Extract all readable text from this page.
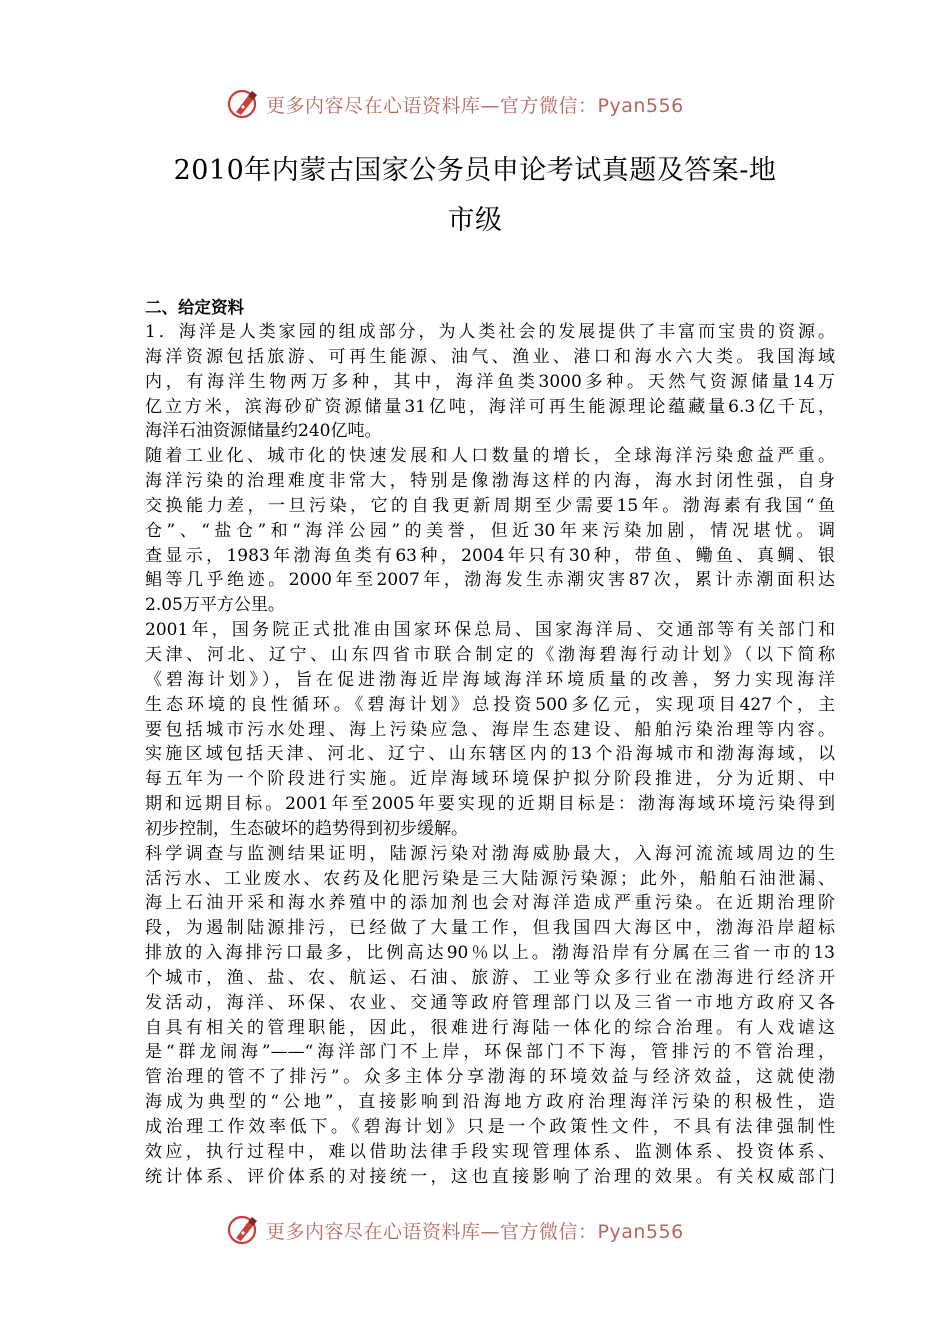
更多内容尽在心语资料库—官方微信：Pyan556
2010年内蒙古国家公务员申论考试真题及答案-地
市级
二、给定资料
1．海洋是人类家园的组成部分，为人类社会的发展提供了丰富而宝贵的资源。
海洋资源包括旅游、可再生能源、油气、渔业、港口和海水六大类。我国海域
内，有海洋生物两万多种，其中，海洋鱼类3000多种。天然气资源储量14万
亿立方米，滨海砂矿资源储量31亿吨，海洋可再生能源理论蕴藏量6.3亿千瓦，
海洋石油资源储量约240亿吨。
随着工业化、城市化的快速发展和人口数量的增长，全球海洋污染愈益严重。
海洋污染的治理难度非常大，特别是像渤海这样的内海，海水封闭性强，自身
交换能力差，一旦污染，它的自我更新周期至少需要15年。渤海素有我国“鱼
仓”、“盐仓”和“海洋公园”的美誉，但近30年来污染加剧，情况堪忧。调
查显示，1983年渤海鱼类有63种，2004年只有30种，带鱼、鳓鱼、真鲷、银
鲳等几乎绝迹。2000年至2007年，渤海发生赤潮灾害87次，累计赤潮面积达
2.05万平方公里。
2001年，国务院正式批准由国家环保总局、国家海洋局、交通部等有关部门和
天津、河北、辽宁、山东四省市联合制定的《渤海碧海行动计划》（以下简称
《碧海计划》），旨在促进渤海近岸海域海洋环境质量的改善，努力实现海洋
生态环境的良性循环。《碧海计划》总投资500多亿元，实现项目427个，主
要包括城市污水处理、海上污染应急、海岸生态建设、船舶污染治理等内容。
实施区域包括天津、河北、辽宁、山东辖区内的13个沿海城市和渤海海域，以
每五年为一个阶段进行实施。近岸海域环境保护拟分阶段推进，分为近期、中
期和远期目标。2001年至2005年要实现的近期目标是：渤海海域环境污染得到
初步控制，生态破坏的趋势得到初步缓解。
科学调查与监测结果证明，陆源污染对渤海威胁最大，入海河流流域周边的生
活污水、工业废水、农药及化肥污染是三大陆源污染源；此外，船舶石油泄漏、
海上石油开采和海水养殖中的添加剂也会对海洋造成严重污染。在近期治理阶
段，为遏制陆源排污，已经做了大量工作，但我国四大海区中，渤海沿岸超标
排放的入海排污口最多，比例高达90％以上。渤海沿岸有分属在三省一市的13
个城市，渔、盐、农、航运、石油、旅游、工业等众多行业在渤海进行经济开
发活动，海洋、环保、农业、交通等政府管理部门以及三省一市地方政府又各
自具有相关的管理职能，因此，很难进行海陆一体化的综合治理。有人戏谑这
是“群龙闹海”——“海洋部门不上岸，环保部门不下海，管排污的不管治理，
管治理的管不了排污”。众多主体分享渤海的环境效益与经济效益，这就使渤
海成为典型的“公地”，直接影响到沿海地方政府治理海洋污染的积极性，造
成治理工作效率低下。《碧海计划》只是一个政策性文件，不具有法律强制性
效应，执行过程中，难以借助法律手段实现管理体系、监测体系、投资体系、
统计体系、评价体系的对接统一，这也直接影响了治理的效果。有关权威部门
更多内容尽在心语资料库—官方微信：Pyan556
